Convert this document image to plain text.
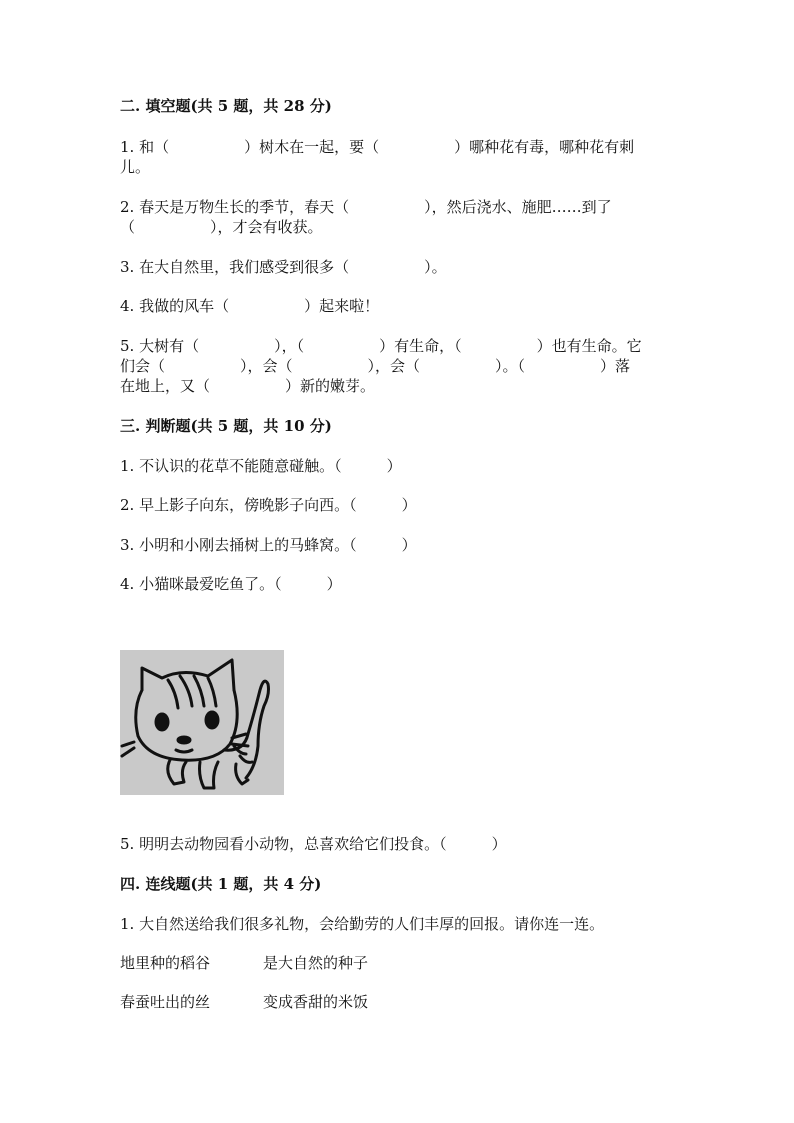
二. 填空题(共 5 题，共 28 分)
1. 和（　　　　　）树木在一起，要（　　　　　）哪种花有毒，哪种花有刺
儿。
2. 春天是万物生长的季节，春天（　　　　　），然后浇水、施肥……到了
（　　　　　），才会有收获。
3. 在大自然里，我们感受到很多（　　　　　）。
4. 我做的风车（　　　　　）起来啦！
5. 大树有（　　　　　），（　　　　　）有生命，（　　　　　）也有生命。它
们会（　　　　　），会（　　　　　），会（　　　　　）。（　　　　　）落
在地上，又（　　　　　）新的嫩芽。
三. 判断题(共 5 题，共 10 分)
1. 不认识的花草不能随意碰触。（　　　）
2. 早上影子向东，傍晚影子向西。（　　　）
3. 小明和小刚去捅树上的马蜂窝。（　　　）
4. 小猫咪最爱吃鱼了。（　　　）
5. 明明去动物园看小动物，总喜欢给它们投食。（　　　）
四. 连线题(共 1 题，共 4 分)
1. 大自然送给我们很多礼物，会给勤劳的人们丰厚的回报。请你连一连。
地里种的稻谷	是大自然的种子
春蚕吐出的丝	变成香甜的米饭
